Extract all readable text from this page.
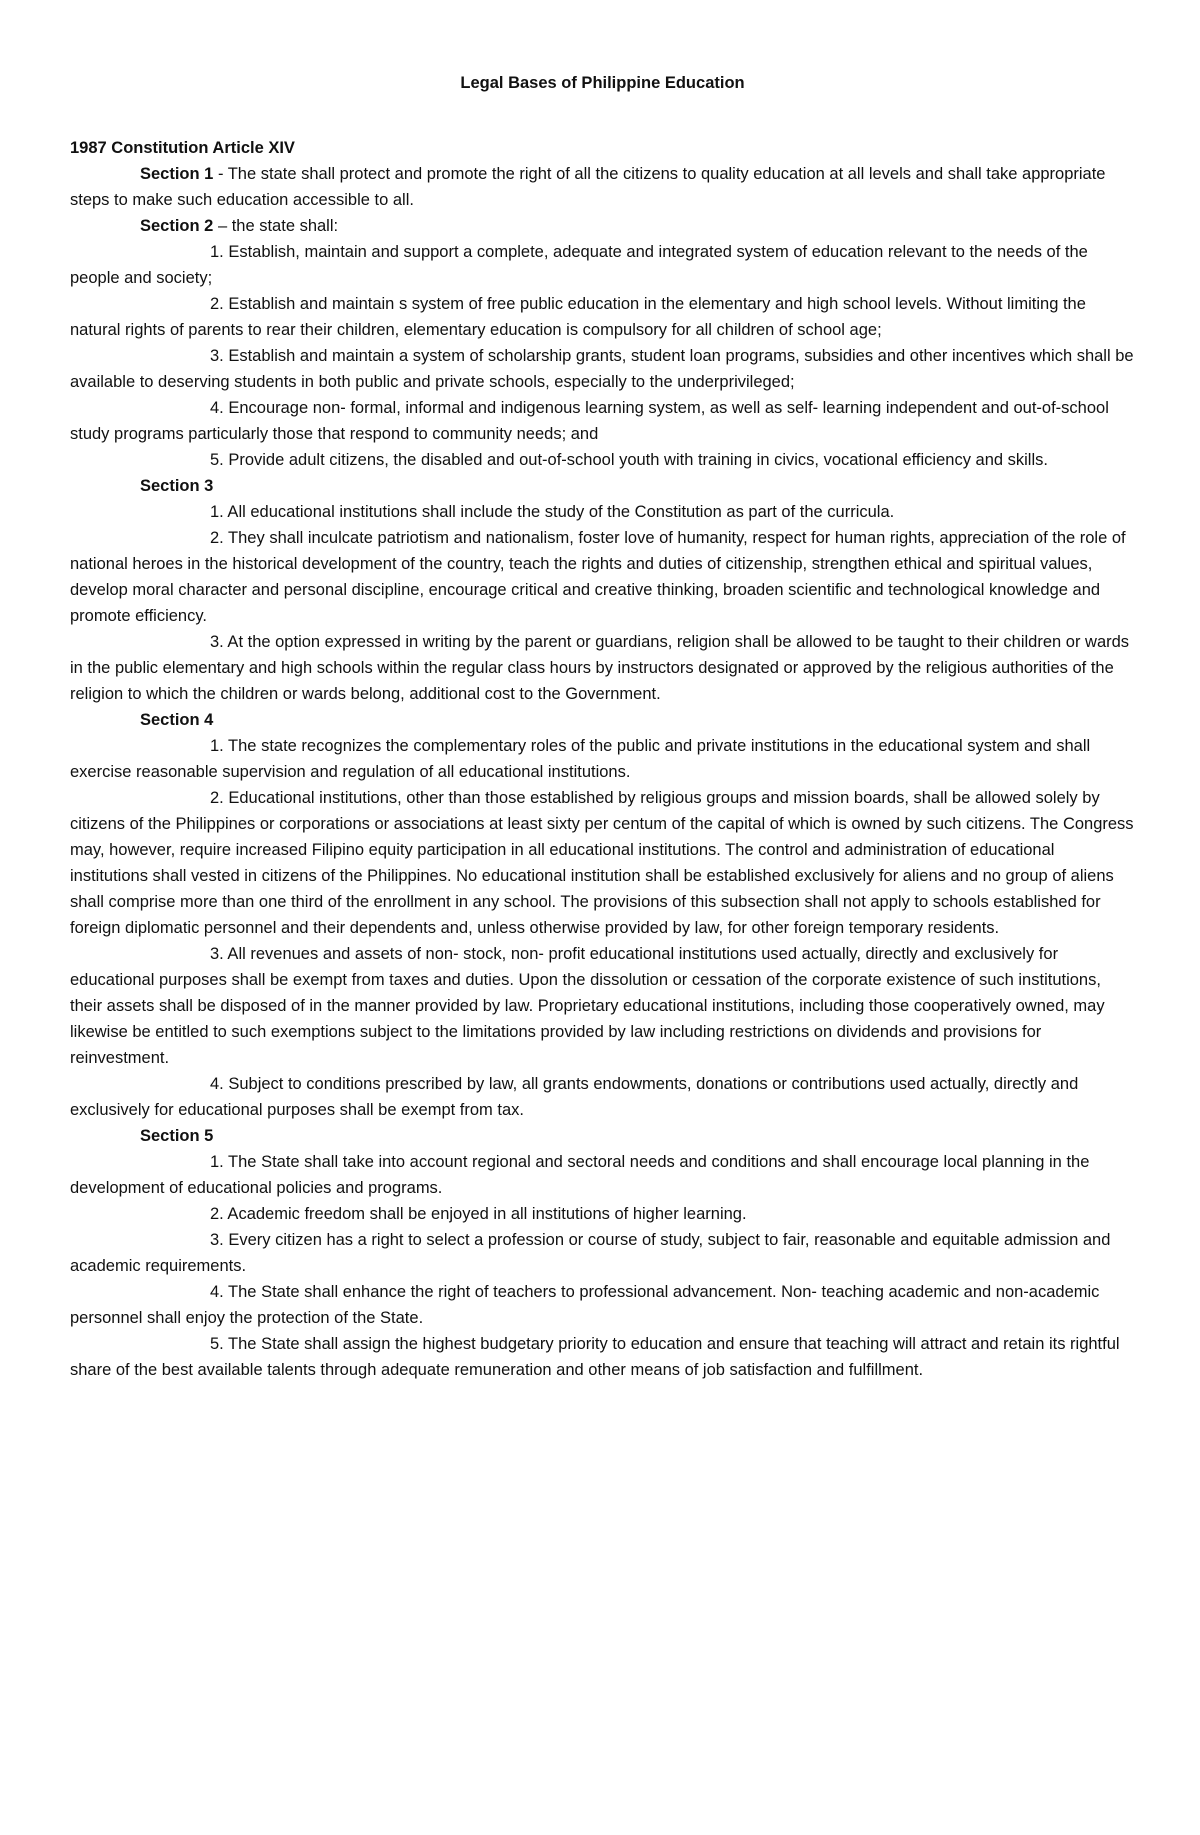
Legal Bases of Philippine Education
1987 Constitution Article XIV

Section 1 - The state shall protect and promote the right of all the citizens to quality education at all levels and shall take appropriate steps to make such education accessible to all.

Section 2 – the state shall:

1. Establish, maintain and support a complete, adequate and integrated system of education relevant to the needs of the people and society;

2. Establish and maintain s system of free public education in the elementary and high school levels. Without limiting the natural rights of parents to rear their children, elementary education is compulsory for all children of school age;

3. Establish and maintain a system of scholarship grants, student loan programs, subsidies and other incentives which shall be available to deserving students in both public and private schools, especially to the underprivileged;

4. Encourage non- formal, informal and indigenous learning system, as well as self- learning independent and out-of-school study programs particularly those that respond to community needs; and

5. Provide adult citizens, the disabled and out-of-school youth with training in civics, vocational efficiency and skills.

Section 3

1. All educational institutions shall include the study of the Constitution as part of the curricula.

2. They shall inculcate patriotism and nationalism, foster love of humanity, respect for human rights, appreciation of the role of national heroes in the historical development of the country, teach the rights and duties of citizenship, strengthen ethical and spiritual values, develop moral character and personal discipline, encourage critical and creative thinking, broaden scientific and technological knowledge and promote efficiency.

3. At the option expressed in writing by the parent or guardians, religion shall be allowed to be taught to their children or wards in the public elementary and high schools within the regular class hours by instructors designated or approved by the religious authorities of the religion to which the children or wards belong, additional cost to the Government.

Section 4

1. The state recognizes the complementary roles of the public and private institutions in the educational system and shall exercise reasonable supervision and regulation of all educational institutions.

2. Educational institutions, other than those established by religious groups and mission boards, shall be allowed solely by citizens of the Philippines or corporations or associations at least sixty per centum of the capital of which is owned by such citizens. The Congress may, however, require increased Filipino equity participation in all educational institutions. The control and administration of educational institutions shall vested in citizens of the Philippines. No educational institution shall be established exclusively for aliens and no group of aliens shall comprise more than one third of the enrollment in any school. The provisions of this subsection shall not apply to schools established for foreign diplomatic personnel and their dependents and, unless otherwise provided by law, for other foreign temporary residents.

3. All revenues and assets of non- stock, non- profit educational institutions used actually, directly and exclusively for educational purposes shall be exempt from taxes and duties. Upon the dissolution or cessation of the corporate existence of such institutions, their assets shall be disposed of in the manner provided by law. Proprietary educational institutions, including those cooperatively owned, may likewise be entitled to such exemptions subject to the limitations provided by law including restrictions on dividends and provisions for reinvestment.

4. Subject to conditions prescribed by law, all grants endowments, donations or contributions used actually, directly and exclusively for educational purposes shall be exempt from tax.

Section 5

1. The State shall take into account regional and sectoral needs and conditions and shall encourage local planning in the development of educational policies and programs.

2. Academic freedom shall be enjoyed in all institutions of higher learning.

3. Every citizen has a right to select a profession or course of study, subject to fair, reasonable and equitable admission and academic requirements.

4. The State shall enhance the right of teachers to professional advancement. Non- teaching academic and non-academic personnel shall enjoy the protection of the State.

5. The State shall assign the highest budgetary priority to education and ensure that teaching will attract and retain its rightful share of the best available talents through adequate remuneration and other means of job satisfaction and fulfillment.
